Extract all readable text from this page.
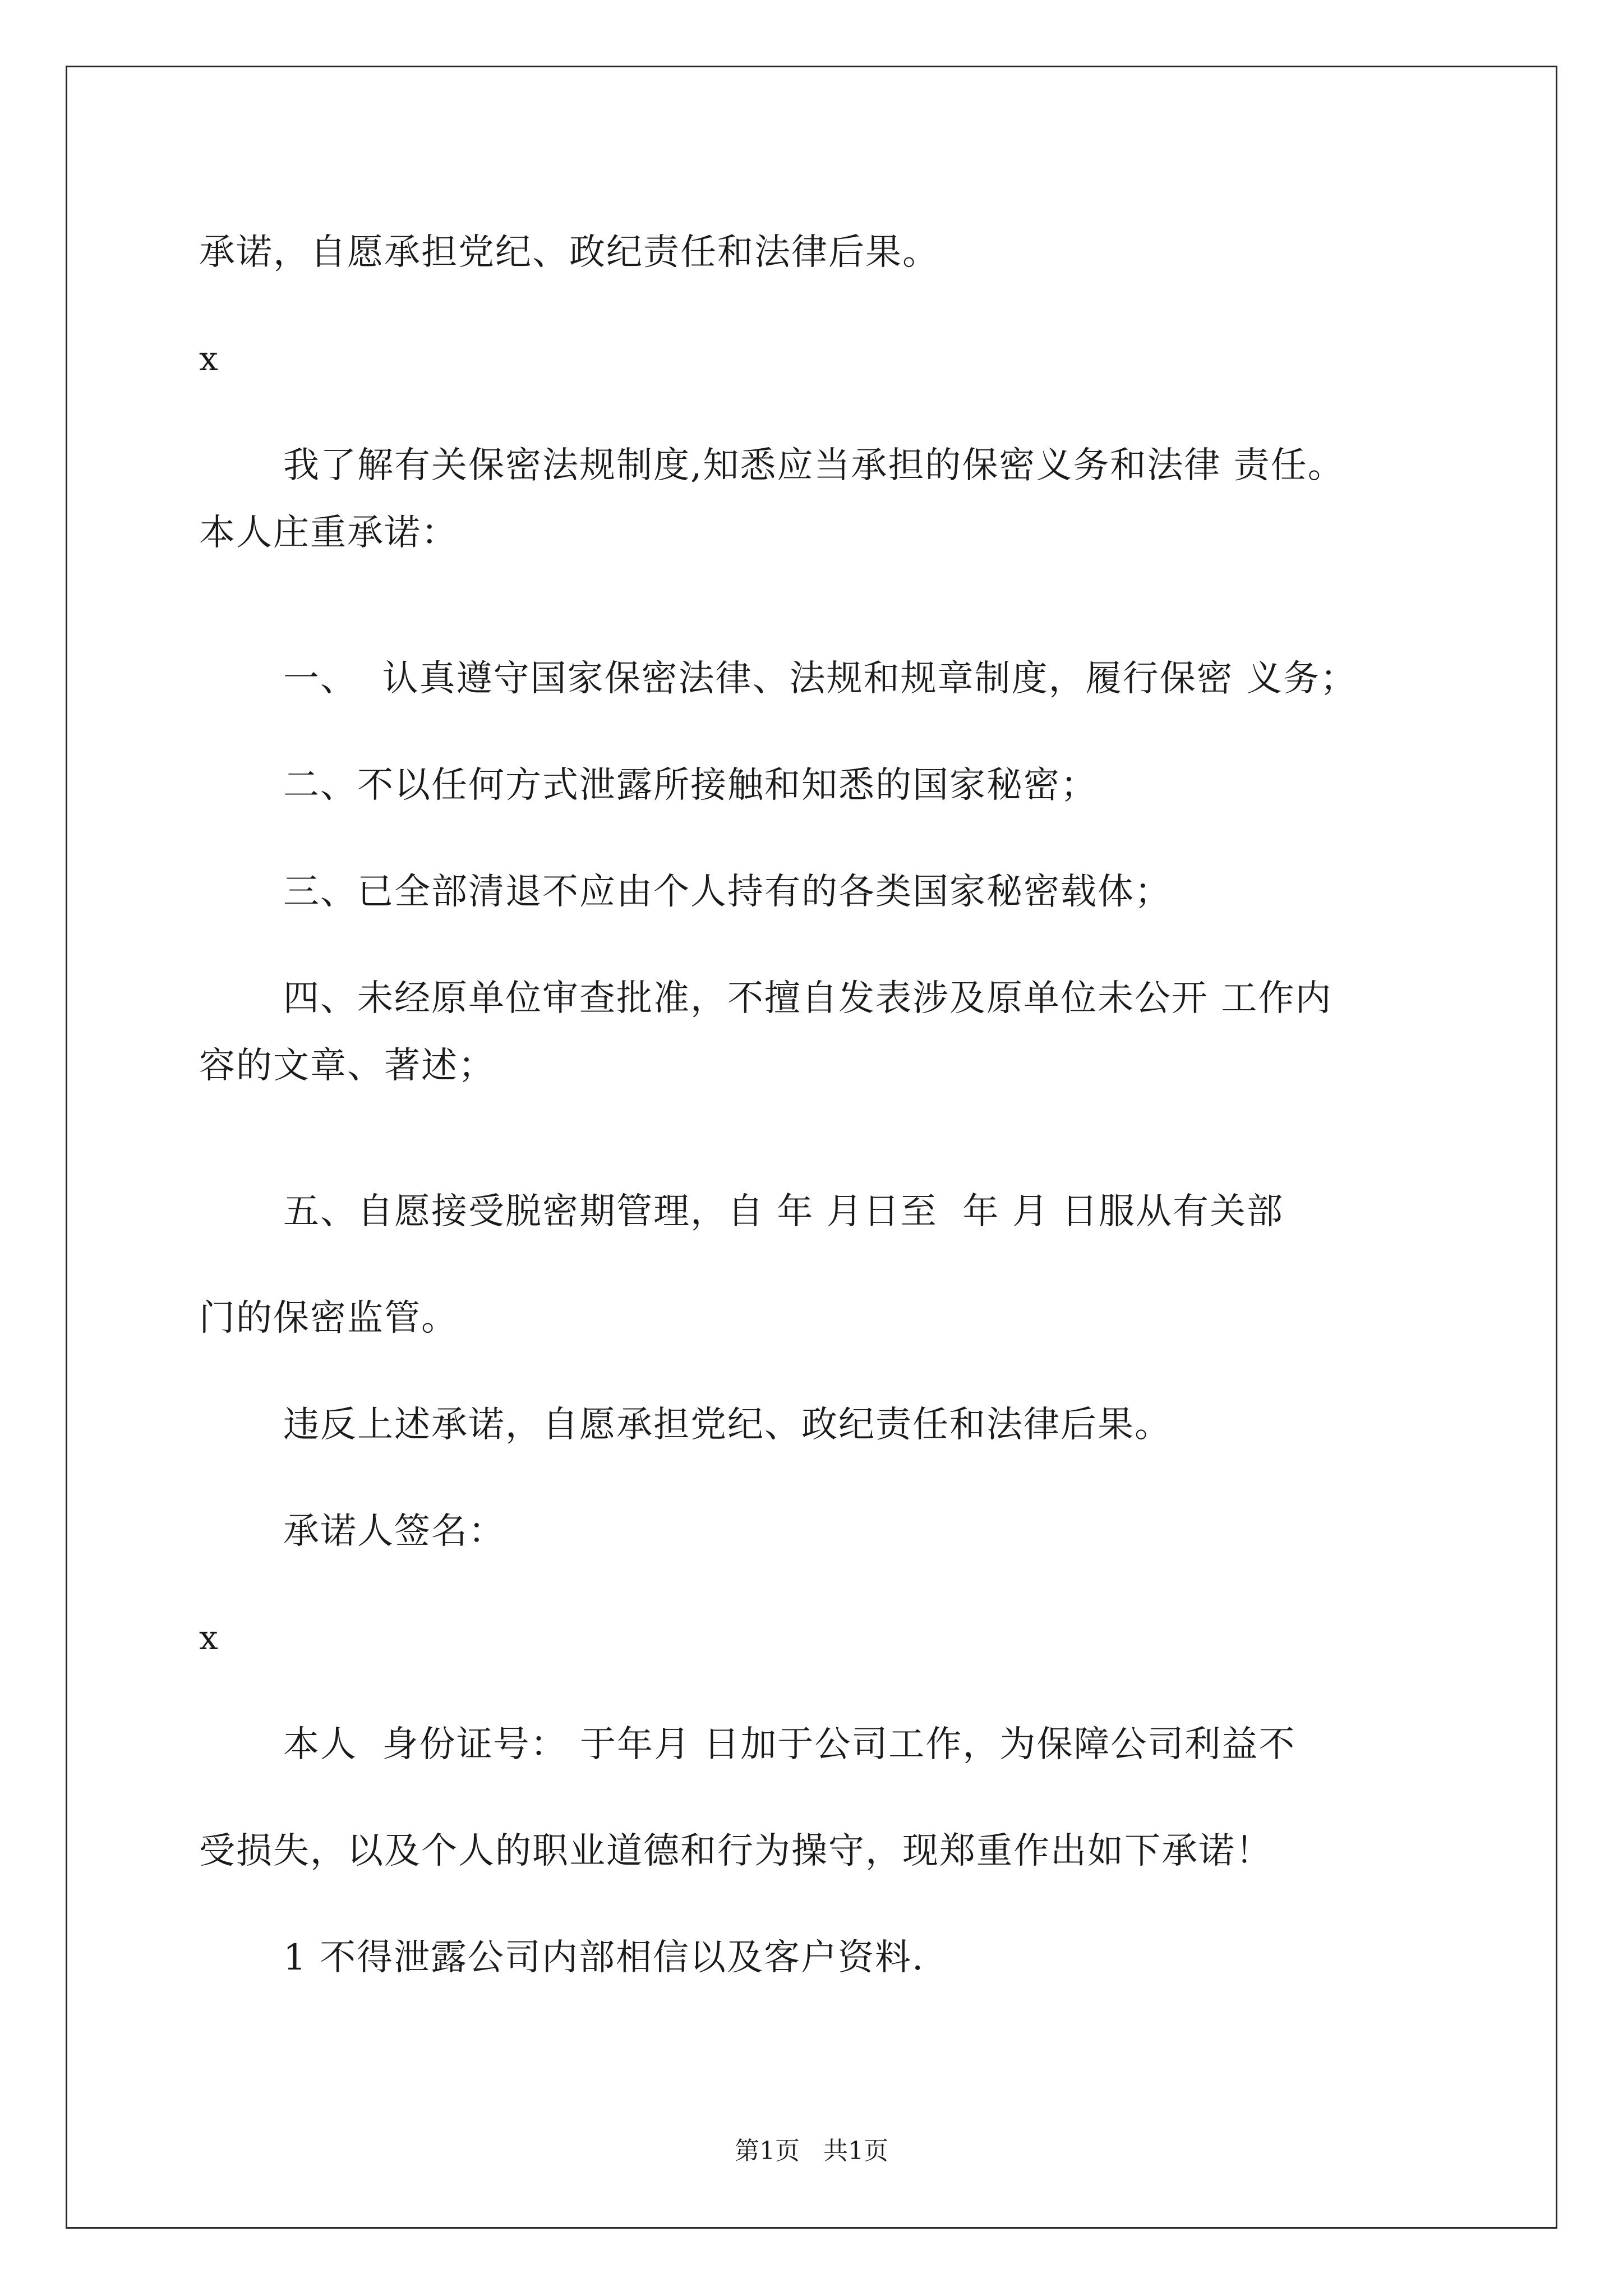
承诺，自愿承担党纪、政纪责任和法律后果。
x
我了解有关保密法规制度,知悉应当承担的保密义务和法律 责任。
本人庄重承诺：
一、  认真遵守国家保密法律、法规和规章制度，履行保密 义务；
二、不以任何方式泄露所接触和知悉的国家秘密；
三、已全部清退不应由个人持有的各类国家秘密载体；
四、未经原单位审查批准，不擅自发表涉及原单位未公开 工作内
容的文章、著述；
五、自愿接受脱密期管理，自 年 月日至  年 月 日服从有关部
门的保密监管。
违反上述承诺，自愿承担党纪、政纪责任和法律后果。
承诺人签名：
x
本人  身份证号： 于年月 日加于公司工作，为保障公司利益不
受损失，以及个人的职业道德和行为操守，现郑重作出如下承诺！
1 不得泄露公司内部相信以及客户资料.
第1页   共1页
